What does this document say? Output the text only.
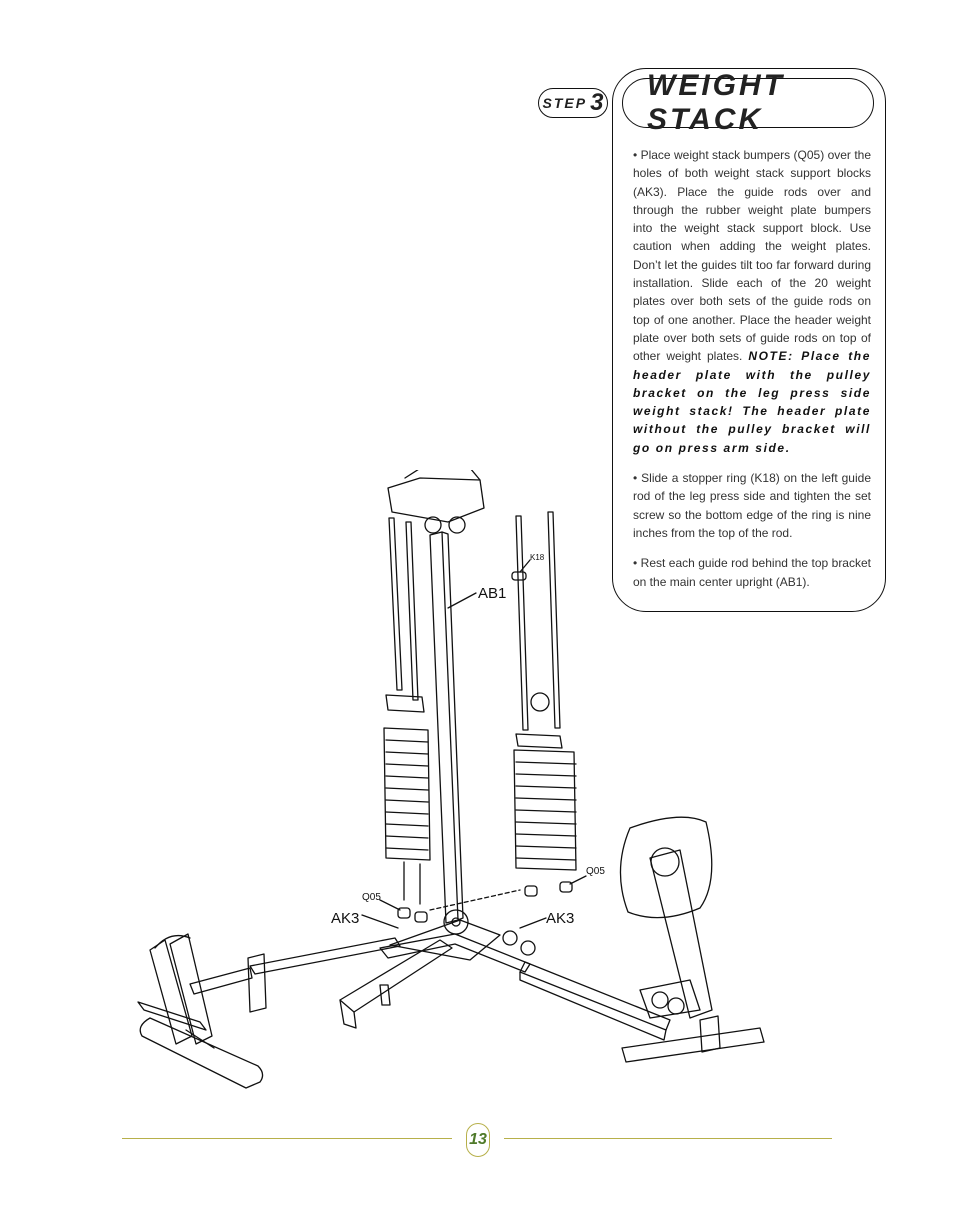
STEP 3
WEIGHT STACK

• Place weight stack bumpers (Q05) over the holes of both weight stack support blocks (AK3). Place the guide rods over and through the rubber weight plate bumpers into the weight stack support block. Use caution when adding the weight plates. Don’t let the guides tilt too far forward during installation. Slide each of the 20 weight plates over both sets of the guide rods on top of one another. Place the header weight plate over both sets of guide rods on top of other weight plates. NOTE: Place the header plate with the pulley bracket on the leg press side weight stack! The header plate without the pulley bracket will go on press arm side.

• Slide a stopper ring (K18) on the left guide rod of the leg press side and tighten the set screw so the bottom edge of the ring is nine inches from the top of the rod.

• Rest each guide rod behind the top bracket on the main center upright (AB1).

AB1
K18
Q05
Q05
AK3	AK3
13
